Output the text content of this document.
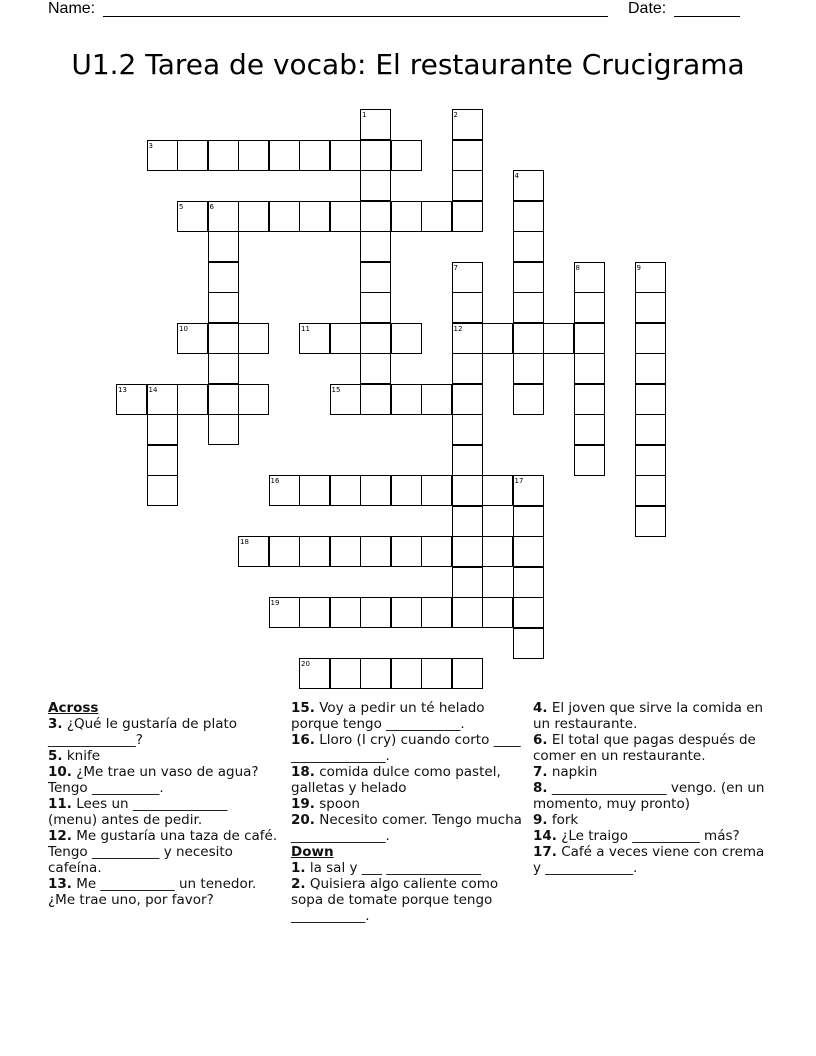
Name:	Date:
U1.2 Tarea de vocab: El restaurante Crucigrama
1	2
3
4
5	6
7	8	9
10	11	12
13	14	15
16	17
18
19
20
Across
3. ¿Qué le gustaría de plato _____________?
5. knife
10. ¿Me trae un vaso de agua? Tengo __________.
11. Lees un ______________ (menu) antes de pedir.
12. Me gustaría una taza de café. Tengo __________ y necesito cafeína.
13. Me ___________ un tenedor. ¿Me trae uno, por favor?
15. Voy a pedir un té helado porque tengo ___________.
16. Lloro (I cry) cuando corto ____ ______________.
18. comida dulce como pastel, galletas y helado
19. spoon
20. Necesito comer. Tengo mucha ______________.
Down
1. la sal y ___ ______________
2. Quisiera algo caliente como sopa de tomate porque tengo ___________.
4. El joven que sirve la comida en un restaurante.
6. El total que pagas después de comer en un restaurante.
7. napkin
8. _________________ vengo. (en un momento, muy pronto)
9. fork
14. ¿Le traigo __________ más?
17. Café a veces viene con crema y _____________.
